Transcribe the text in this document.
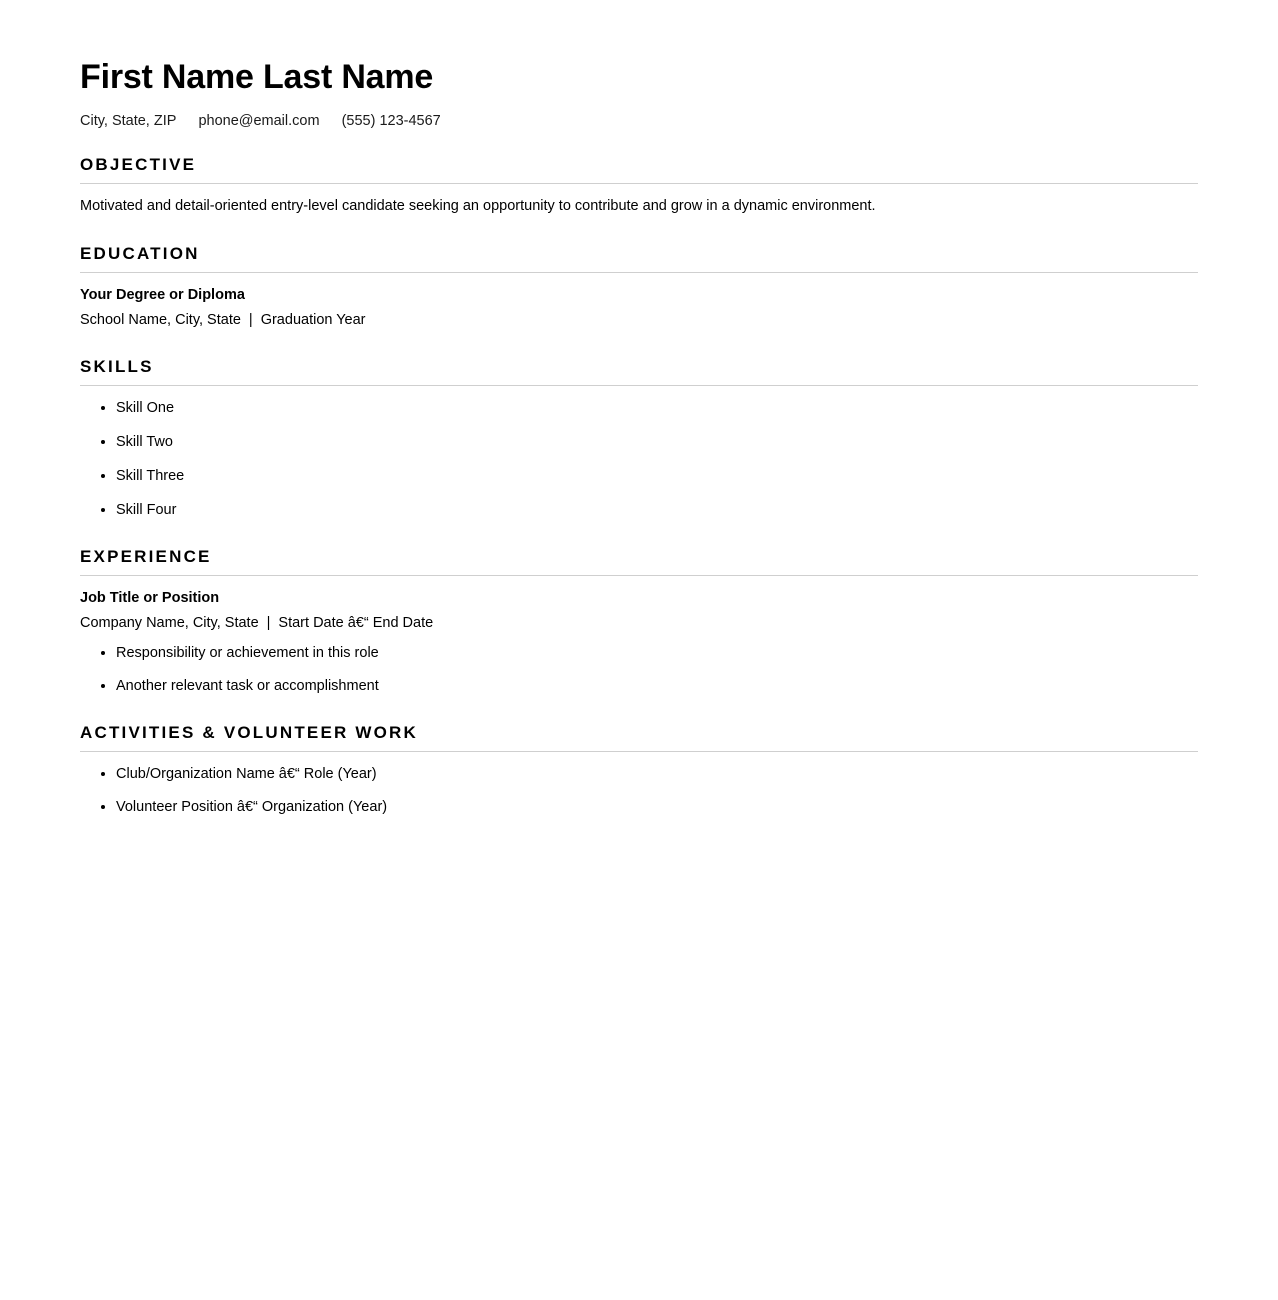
First Name Last Name
City, State, ZIP phone@email.com (555) 123-4567
OBJECTIVE

Motivated and detail-oriented entry-level candidate seeking an opportunity to contribute and grow in a dynamic environment.

EDUCATION

Your Degree or Diploma

School Name, City, State | Graduation Year

SKILLS
• Skill One
• Skill Two
• Skill Three
• Skill Four
EXPERIENCE

Job Title or Position

Company Name, City, State | Start Date â€“ End Date

• Responsibility or achievement in this role
• Another relevant task or accomplishment
ACTIVITIES & VOLUNTEER WORK
• Club/Organization Name â€“ Role (Year)
• Volunteer Position â€“ Organization (Year)
